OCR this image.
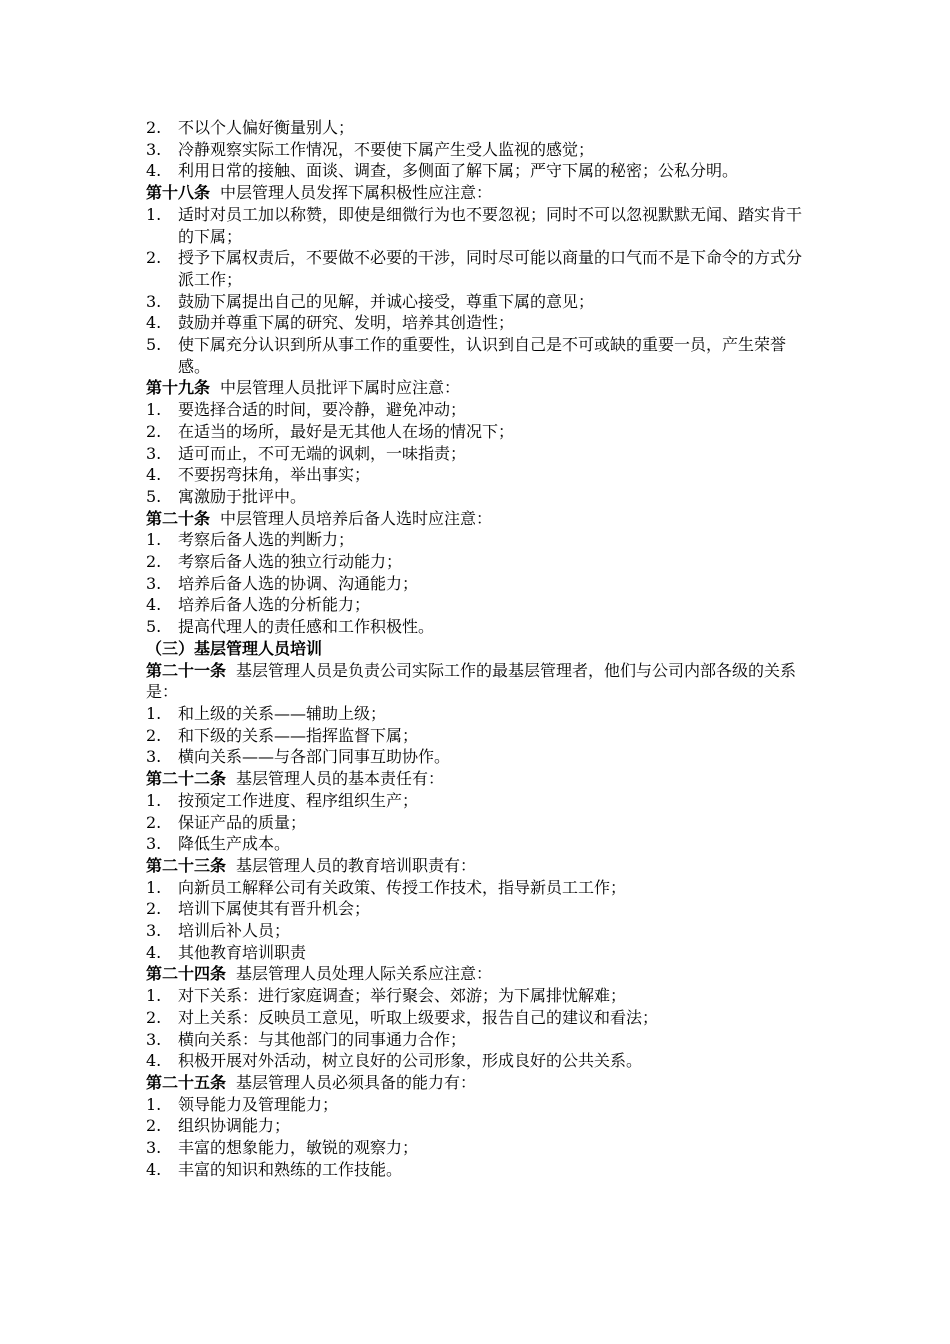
2. 不以个人偏好衡量别人；
3. 冷静观察实际工作情况，不要使下属产生受人监视的感觉；
4. 利用日常的接触、面谈、调查，多侧面了解下属；严守下属的秘密；公私分明。
第十八条 中层管理人员发挥下属积极性应注意：
1. 适时对员工加以称赞，即使是细微行为也不要忽视；同时不可以忽视默默无闻、踏实肯干的下属；
2. 授予下属权责后，不要做不必要的干涉，同时尽可能以商量的口气而不是下命令的方式分派工作；
3. 鼓励下属提出自己的见解，并诚心接受，尊重下属的意见；
4. 鼓励并尊重下属的研究、发明，培养其创造性；
5. 使下属充分认识到所从事工作的重要性，认识到自己是不可或缺的重要一员，产生荣誉感。
第十九条 中层管理人员批评下属时应注意：
1. 要选择合适的时间，要冷静，避免冲动；
2. 在适当的场所，最好是无其他人在场的情况下；
3. 适可而止，不可无端的讽刺，一味指责；
4. 不要拐弯抹角，举出事实；
5. 寓激励于批评中。
第二十条 中层管理人员培养后备人选时应注意：
1. 考察后备人选的判断力；
2. 考察后备人选的独立行动能力；
3. 培养后备人选的协调、沟通能力；
4. 培养后备人选的分析能力；
5. 提高代理人的责任感和工作积极性。
（三）基层管理人员培训
第二十一条 基层管理人员是负责公司实际工作的最基层管理者，他们与公司内部各级的关系是：
1. 和上级的关系——辅助上级；
2. 和下级的关系——指挥监督下属；
3. 横向关系——与各部门同事互助协作。
第二十二条 基层管理人员的基本责任有：
1. 按预定工作进度、程序组织生产；
2. 保证产品的质量；
3. 降低生产成本。
第二十三条 基层管理人员的教育培训职责有：
1. 向新员工解释公司有关政策、传授工作技术，指导新员工工作；
2. 培训下属使其有晋升机会；
3. 培训后补人员；
4. 其他教育培训职责
第二十四条 基层管理人员处理人际关系应注意：
1. 对下关系：进行家庭调查；举行聚会、郊游；为下属排忧解难；
2. 对上关系：反映员工意见，听取上级要求，报告自己的建议和看法；
3. 横向关系：与其他部门的同事通力合作；
4. 积极开展对外活动，树立良好的公司形象，形成良好的公共关系。
第二十五条 基层管理人员必须具备的能力有：
1. 领导能力及管理能力；
2. 组织协调能力；
3. 丰富的想象能力，敏锐的观察力；
4. 丰富的知识和熟练的工作技能。
